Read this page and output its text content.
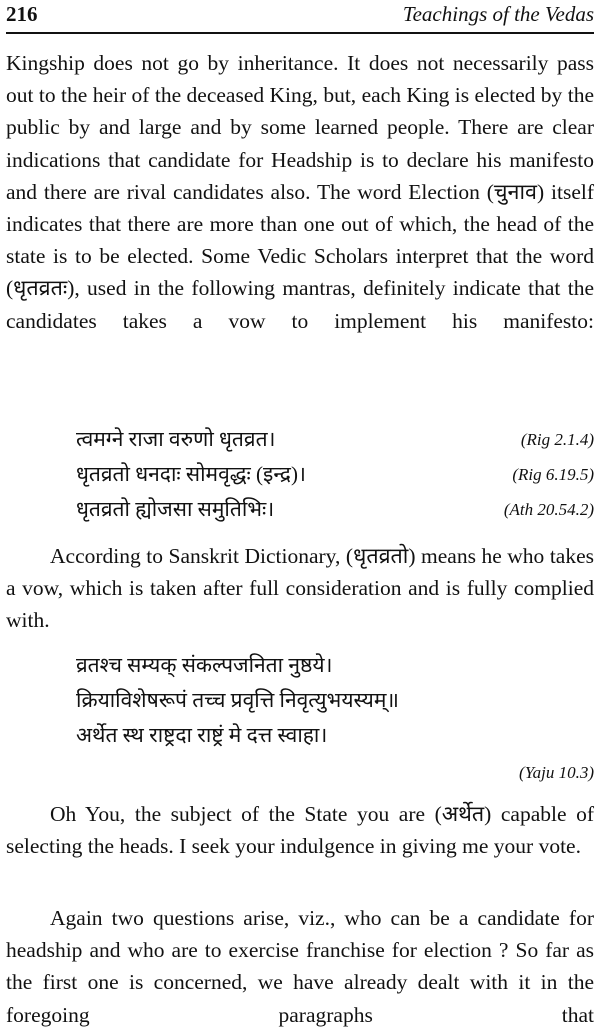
216	Teachings of the Vedas

Kingship does not go by inheritance. It does not necessarily pass out to the heir of the deceased King, but, each King is elected by the public by and large and by some learned people. There are clear indications that candidate for Headship is to declare his manifesto and there are rival candidates also. The word Election (चुनाव) itself indicates that there are more than one out of which, the head of the state is to be elected. Some Vedic Scholars interpret that the word (धृतव्रतः), used in the following mantras, definitely indicate that the candidates takes a vow to implement his manifesto:

त्वमग्ने राजा वरुणो धृतव्रत।	(Rig 2.1.4)
धृतव्रतो धनदाः सोमवृद्धः (इन्द्र)।	(Rig 6.19.5)
धृतव्रतो ह्योजसा समुतिभिः।	(Ath 20.54.2)

According to Sanskrit Dictionary, (धृतव्रतो) means he who takes a vow, which is taken after full consideration and is fully complied with.

व्रतश्च सम्यक् संकल्पजनिता नुष्ठये।
क्रियाविशेषरूपं तच्च प्रवृत्ति निवृत्युभयस्यम्॥
अर्थेत स्थ राष्ट्रदा राष्ट्रं मे दत्त स्वाहा।
(Yaju 10.3)

Oh You, the subject of the State you are (अर्थेत) capable of selecting the heads. I seek your indulgence in giving me your vote.

Again two questions arise, viz., who can be a candidate for headship and who are to exercise franchise for election ? So far as the first one is concerned, we have already dealt with it in the foregoing paragraphs that
